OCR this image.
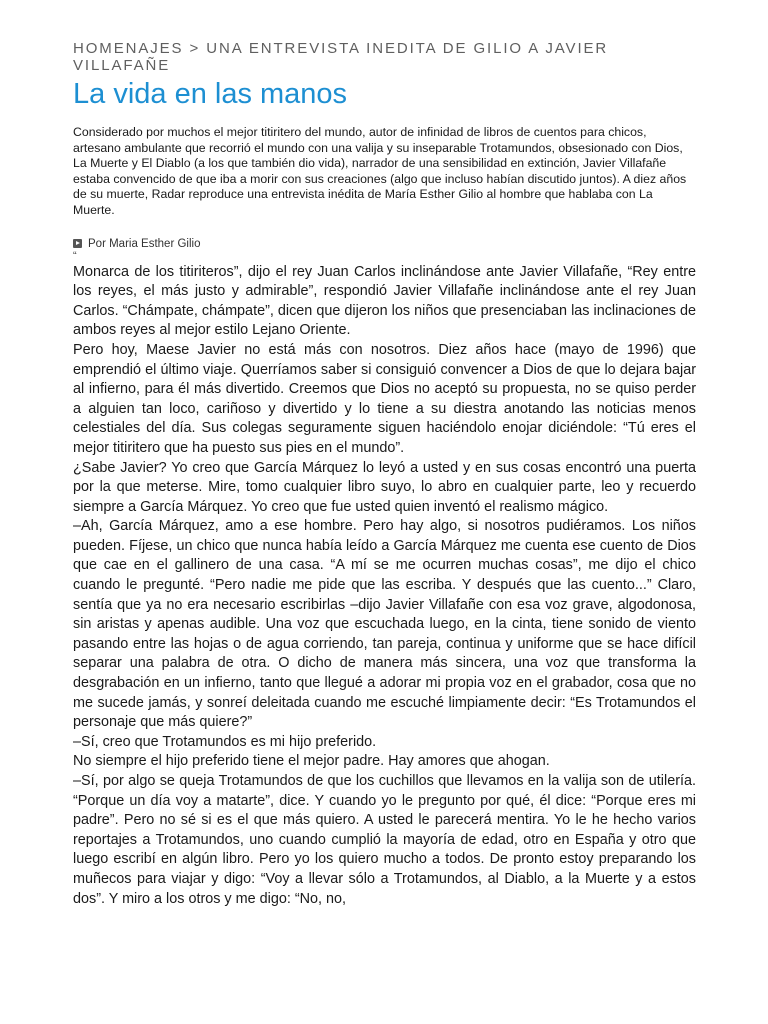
HOMENAJES > UNA ENTREVISTA INEDITA DE GILIO A JAVIER VILLAFAÑE
La vida en las manos

Considerado por muchos el mejor titiritero del mundo, autor de infinidad de libros de cuentos para chicos, artesano ambulante que recorrió el mundo con una valija y su inseparable Trotamundos, obsesionado con Dios, La Muerte y El Diablo (a los que también dio vida), narrador de una sensibilidad en extinción, Javier Villafañe estaba convencido de que iba a morir con sus creaciones (algo que incluso habían discutido juntos). A diez años de su muerte, Radar reproduce una entrevista inédita de María Esther Gilio al hombre que hablaba con La Muerte.

Por Maria Esther Gilio
“

Monarca de los titiriteros”, dijo el rey Juan Carlos inclinándose ante Javier Villafañe, “Rey entre los reyes, el más justo y admirable”, respondió Javier Villafañe inclinándose ante el rey Juan Carlos. “Chámpate, chámpate”, dicen que dijeron los niños que presenciaban las inclinaciones de ambos reyes al mejor estilo Lejano Oriente.

Pero hoy, Maese Javier no está más con nosotros. Diez años hace (mayo de 1996) que emprendió el último viaje. Querríamos saber si consiguió convencer a Dios de que lo dejara bajar al infierno, para él más divertido. Creemos que Dios no aceptó su propuesta, no se quiso perder a alguien tan loco, cariñoso y divertido y lo tiene a su diestra anotando las noticias menos celestiales del día. Sus colegas seguramente siguen haciéndolo enojar diciéndole: “Tú eres el mejor titiritero que ha puesto sus pies en el mundo”.

¿Sabe Javier? Yo creo que García Márquez lo leyó a usted y en sus cosas encontró una puerta por la que meterse. Mire, tomo cualquier libro suyo, lo abro en cualquier parte, leo y recuerdo siempre a García Márquez. Yo creo que fue usted quien inventó el realismo mágico.

–Ah, García Márquez, amo a ese hombre. Pero hay algo, si nosotros pudiéramos. Los niños pueden. Fíjese, un chico que nunca había leído a García Márquez me cuenta ese cuento de Dios que cae en el gallinero de una casa. “A mí se me ocurren muchas cosas”, me dijo el chico cuando le pregunté. “Pero nadie me pide que las escriba. Y después que las cuento...” Claro, sentía que ya no era necesario escribirlas –dijo Javier Villafañe con esa voz grave, algodonosa, sin aristas y apenas audible. Una voz que escuchada luego, en la cinta, tiene sonido de viento pasando entre las hojas o de agua corriendo, tan pareja, continua y uniforme que se hace difícil separar una palabra de otra. O dicho de manera más sincera, una voz que transforma la desgrabación en un infierno, tanto que llegué a adorar mi propia voz en el grabador, cosa que no me sucede jamás, y sonreí deleitada cuando me escuché limpiamente decir: “Es Trotamundos el personaje que más quiere?”

–Sí, creo que Trotamundos es mi hijo preferido.

No siempre el hijo preferido tiene el mejor padre. Hay amores que ahogan.

–Sí, por algo se queja Trotamundos de que los cuchillos que llevamos en la valija son de utilería. “Porque un día voy a matarte”, dice. Y cuando yo le pregunto por qué, él dice: “Porque eres mi padre”. Pero no sé si es el que más quiero. A usted le parecerá mentira. Yo le he hecho varios reportajes a Trotamundos, uno cuando cumplió la mayoría de edad, otro en España y otro que luego escribí en algún libro. Pero yo los quiero mucho a todos. De pronto estoy preparando los muñecos para viajar y digo: “Voy a llevar sólo a Trotamundos, al Diablo, a la Muerte y a estos dos”. Y miro a los otros y me digo: “No, no,
